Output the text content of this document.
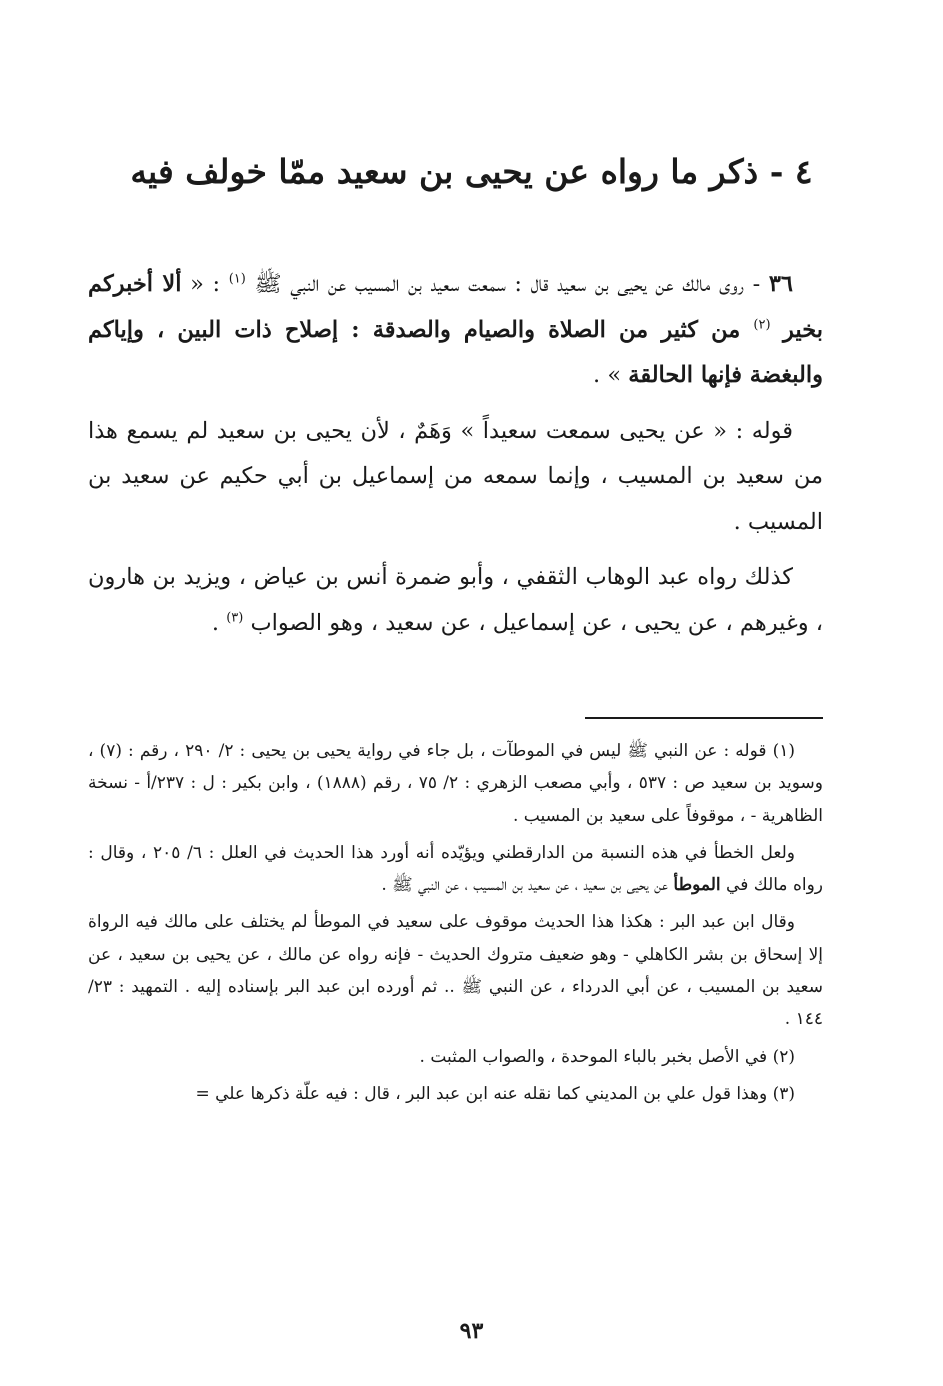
٤ - ذكر ما رواه عن يحيى بن سعيد ممّا خولف فيه

٣٦ - روى مالك عن يحيى بن سعيد قال : سمعت سعيد بن المسيب عن النبي ﷺ $^{(١)}$ : « ألا أخبركم بخير $^{(٢)}$ من كثير من الصلاة والصيام والصدقة : إصلاح ذات البين ، وإياكم والبغضة فإنها الحالقة » .

قوله : « عن يحيى سمعت سعيداً » وَهَمٌ ، لأن يحيى بن سعيد لم يسمع هذا من سعيد بن المسيب ، وإنما سمعه من إسماعيل بن أبي حكيم عن سعيد بن المسيب .

كذلك رواه عبد الوهاب الثقفي ، وأبو ضمرة أنس بن عياض ، ويزيد بن هارون ، وغيرهم ، عن يحيى ، عن إسماعيل ، عن سعيد ، وهو الصواب $^{(٣)}$ .

(١) قوله : عن النبي ﷺ ليس في الموطآت ، بل جاء في رواية يحيى بن يحيى : ٢/ ٢٩٠ ، رقم : (٧) ، وسويد بن سعيد ص : ٥٣٧ ، وأبي مصعب الزهري : ٢/ ٧٥ ، رقم (١٨٨٨) ، وابن بكير : ل : ٢٣٧/أ - نسخة الظاهرية - ، موقوفاً على سعيد بن المسيب .

ولعل الخطأ في هذه النسبة من الدارقطني ويؤيّده أنه أورد هذا الحديث في العلل : ٦/ ٢٠٥ ، وقال : رواه مالك في الموطأ عن يحيى بن سعيد ، عن سعيد بن المسيب ، عن النبي ﷺ .

وقال ابن عبد البر : هكذا هذا الحديث موقوف على سعيد في الموطأ لم يختلف على مالك فيه الرواة إلا إسحاق بن بشر الكاهلي - وهو ضعيف متروك الحديث - فإنه رواه عن مالك ، عن يحيى بن سعيد ، عن سعيد بن المسيب ، عن أبي الدرداء ، عن النبي ﷺ .. ثم أورده ابن عبد البر بإسناده إليه . التمهيد : ٢٣/ ١٤٤ .

(٢) في الأصل بخبر بالباء الموحدة ، والصواب المثبت .

(٣) وهذا قول علي بن المديني كما نقله عنه ابن عبد البر ، قال : فيه علّة ذكرها علي =

٩٣
